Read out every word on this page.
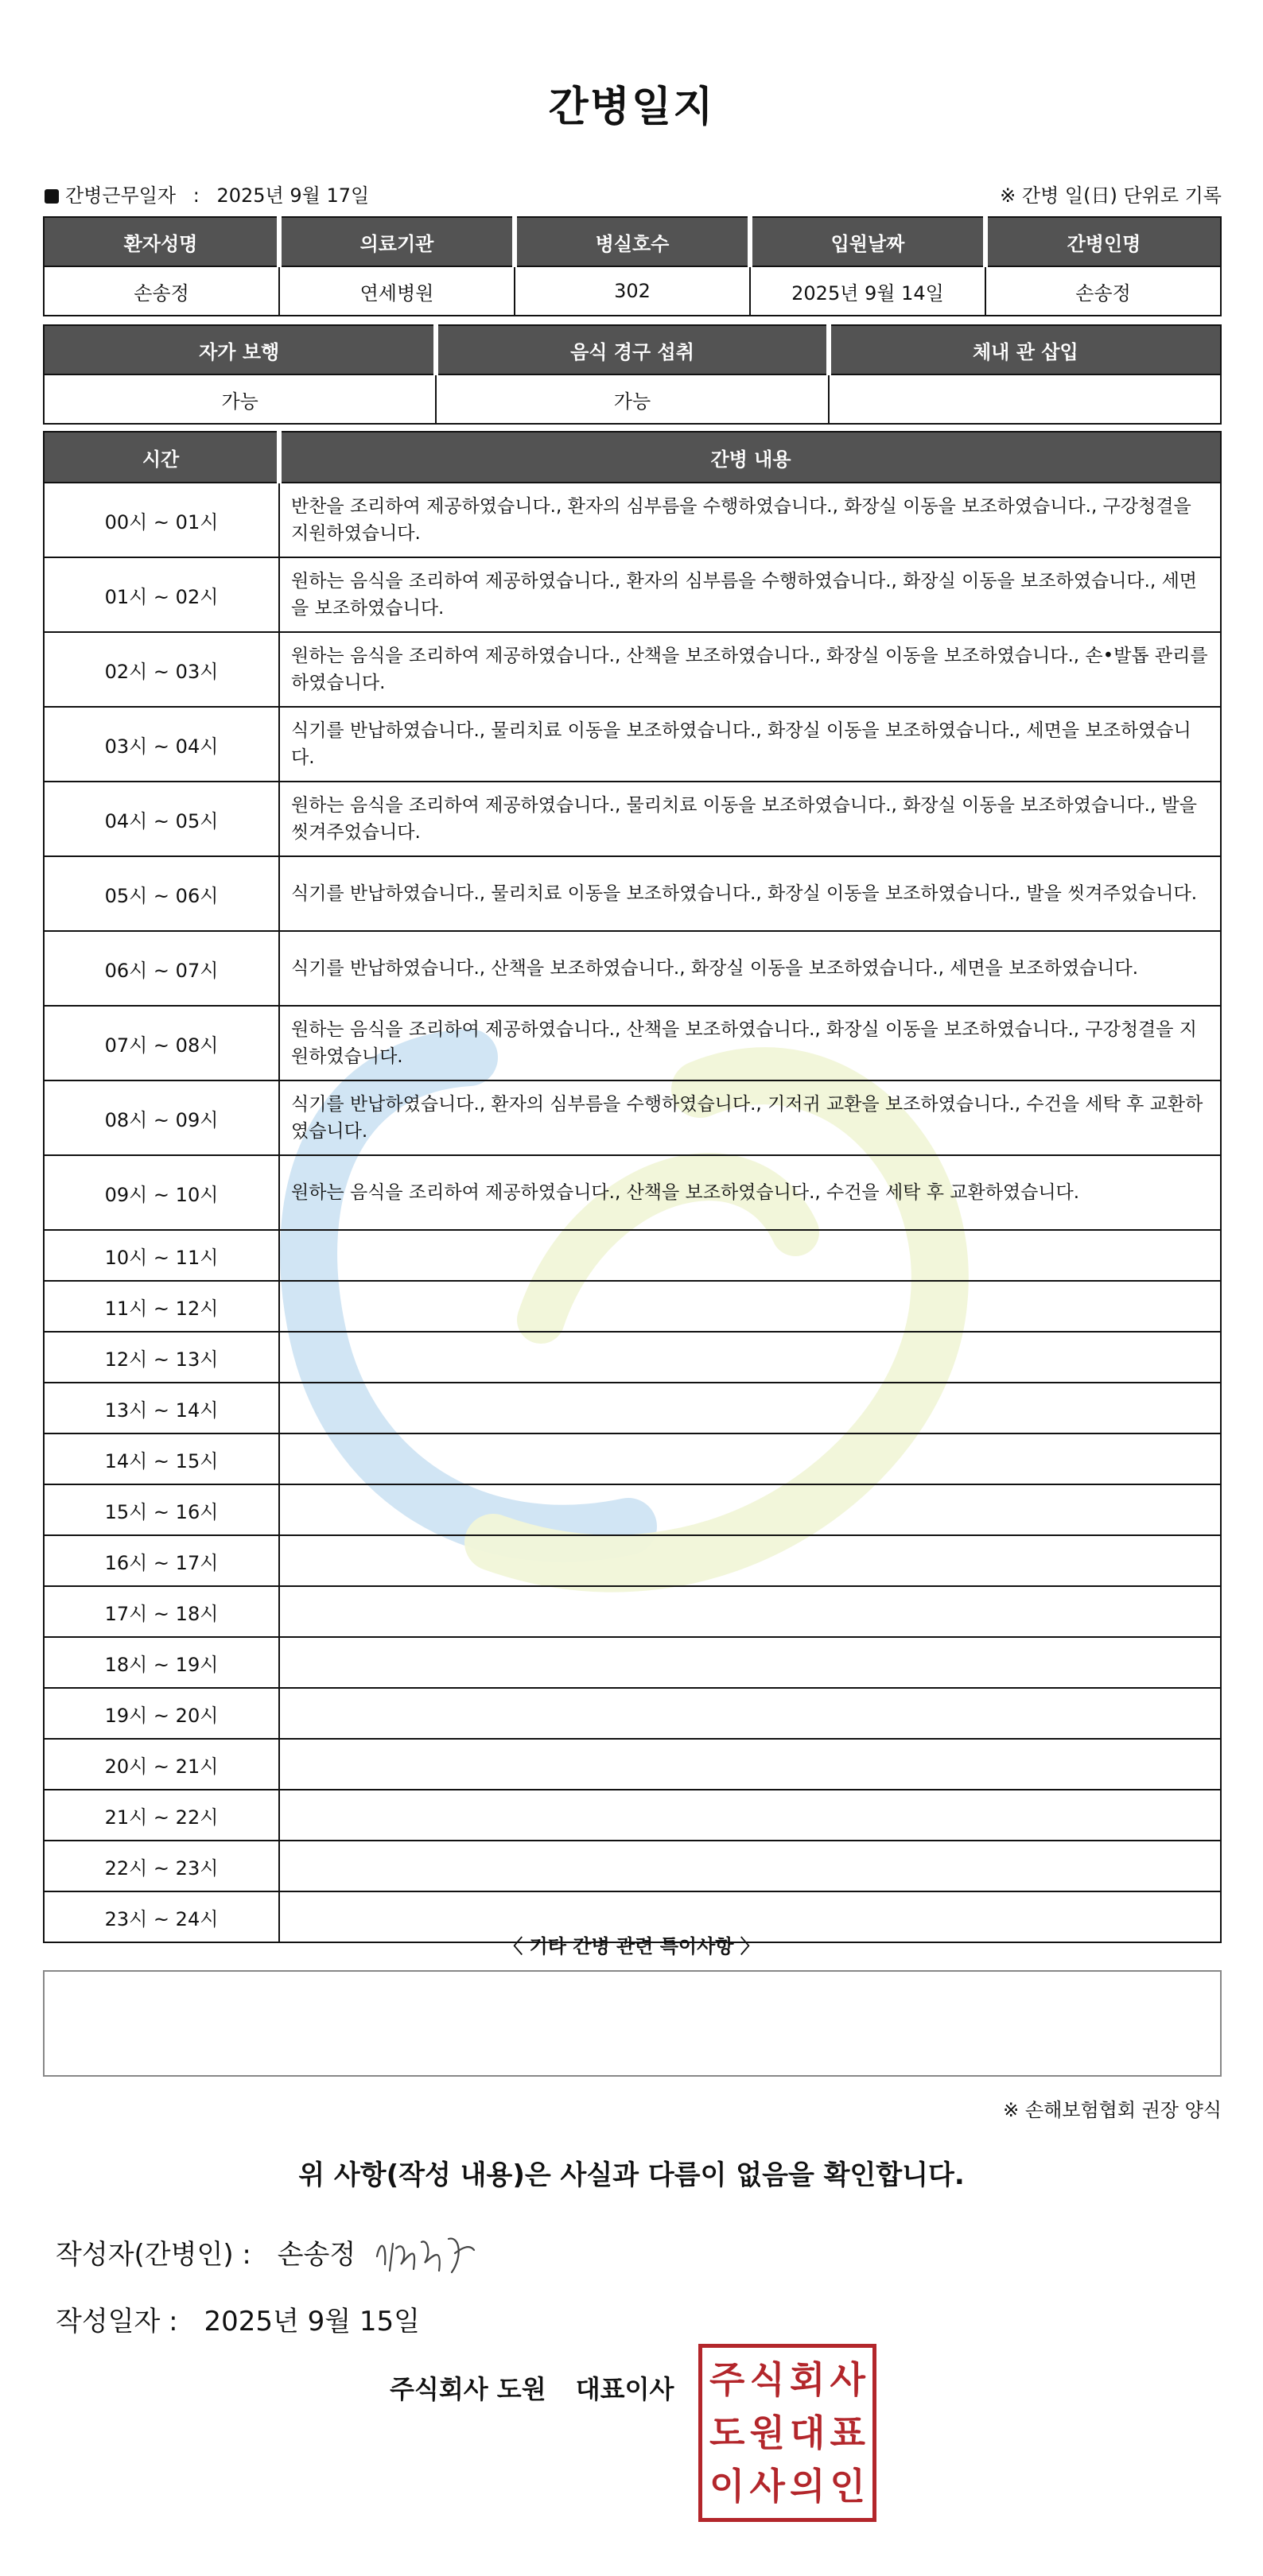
간병일지
간병근무일자 : 2025년 9월 17일	※ 간병 일(日) 단위로 기록
환자성명	의료기관	병실호수	입원날짜	간병인명
손송정	연세병원	302	2025년 9월 14일	손송정
자가 보행	음식 경구 섭취	체내 관 삽입
가능	가능	
시간	간병 내용
00시 ~ 01시	반찬을 조리하여 제공하였습니다., 환자의 심부름을 수행하였습니다., 화장실 이동을 보조하였습니다., 구강청결을 지원하였습니다.
01시 ~ 02시	원하는 음식을 조리하여 제공하였습니다., 환자의 심부름을 수행하였습니다., 화장실 이동을 보조하였습니다., 세면을 보조하였습니다.
02시 ~ 03시	원하는 음식을 조리하여 제공하였습니다., 산책을 보조하였습니다., 화장실 이동을 보조하였습니다., 손•발톱 관리를 하였습니다.
03시 ~ 04시	식기를 반납하였습니다., 물리치료 이동을 보조하였습니다., 화장실 이동을 보조하였습니다., 세면을 보조하였습니다.
04시 ~ 05시	원하는 음식을 조리하여 제공하였습니다., 물리치료 이동을 보조하였습니다., 화장실 이동을 보조하였습니다., 발을 씻겨주었습니다.
05시 ~ 06시	식기를 반납하였습니다., 물리치료 이동을 보조하였습니다., 화장실 이동을 보조하였습니다., 발을 씻겨주었습니다.
06시 ~ 07시	식기를 반납하였습니다., 산책을 보조하였습니다., 화장실 이동을 보조하였습니다., 세면을 보조하였습니다.
07시 ~ 08시	원하는 음식을 조리하여 제공하였습니다., 산책을 보조하였습니다., 화장실 이동을 보조하였습니다., 구강청결을 지원하였습니다.
08시 ~ 09시	식기를 반납하였습니다., 환자의 심부름을 수행하였습니다., 기저귀 교환을 보조하였습니다., 수건을 세탁 후 교환하였습니다.
09시 ~ 10시	원하는 음식을 조리하여 제공하였습니다., 산책을 보조하였습니다., 수건을 세탁 후 교환하였습니다.
10시 ~ 11시	
11시 ~ 12시	
12시 ~ 13시	
13시 ~ 14시	
14시 ~ 15시	
15시 ~ 16시	
16시 ~ 17시	
17시 ~ 18시	
18시 ~ 19시	
19시 ~ 20시	
20시 ~ 21시	
21시 ~ 22시	
22시 ~ 23시	
23시 ~ 24시	
〈 기타 간병 관련 특이사항 〉
※ 손해보험협회 권장 양식
위 사항(작성 내용)은 사실과 다름이 없음을 확인합니다.
작성자(간병인) : 손송정
작성일자 : 2025년 9월 15일
주식회사 도원 대표이사 주 식 회 사
도 원 대 표
이 사 의 인
